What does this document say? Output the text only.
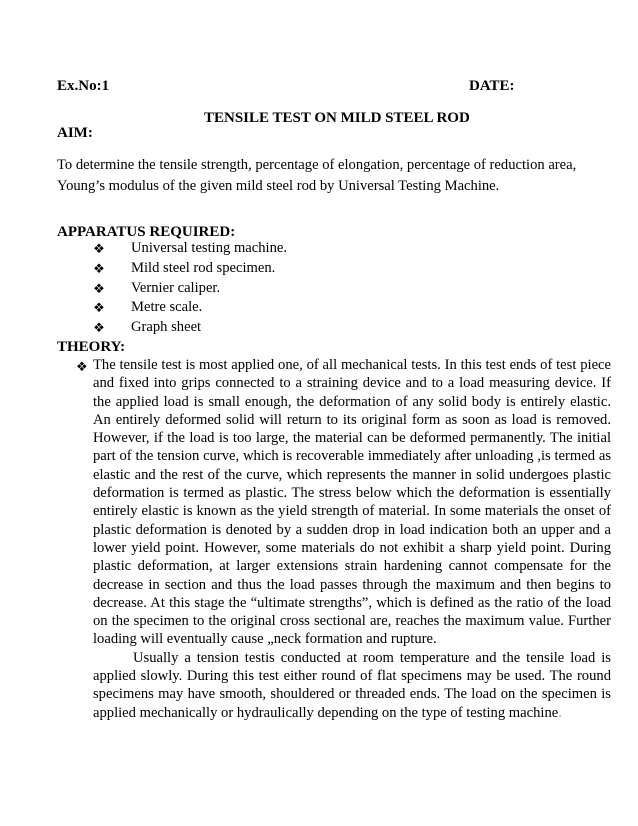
Ex.No:1	DATE:
TENSILE TEST ON MILD STEEL ROD
AIM:
To determine the tensile strength, percentage of elongation, percentage of reduction area, Young’s modulus of the given mild steel rod by Universal Testing Machine.
APPARATUS REQUIRED:
❖ Universal testing machine.
❖ Mild steel rod specimen.
❖ Vernier caliper.
❖ Metre scale.
❖ Graph sheet
THEORY:
❖ The tensile test is most applied one, of all mechanical tests. In this test ends of test piece and fixed into grips connected to a straining device and to a load measuring device. If the applied load is small enough, the deformation of any solid body is entirely elastic. An entirely deformed solid will return to its original form as soon as load is removed. However, if the load is too large, the material can be deformed permanently. The initial part of the tension curve, which is recoverable immediately after unloading ,is termed as elastic and the rest of the curve, which represents the manner in solid undergoes plastic deformation is termed as plastic. The stress below which the deformation is essentially entirely elastic is known as the yield strength of material. In some materials the onset of plastic deformation is denoted by a sudden drop in load indication both an upper and a lower yield point. However, some materials do not exhibit a sharp yield point. During plastic deformation, at larger extensions strain hardening cannot compensate for the decrease in section and thus the load passes through the maximum and then begins to decrease. At this stage the “ultimate strengths”, which is defined as the ratio of the load on the specimen to the original cross sectional are, reaches the maximum value. Further loading will eventually cause „neck formation and rupture.

Usually a tension testis conducted at room temperature and the tensile load is applied slowly. During this test either round of flat specimens may be used. The round specimens may have smooth, shouldered or threaded ends. The load on the specimen is applied mechanically or hydraulically depending on the type of testing machine.
